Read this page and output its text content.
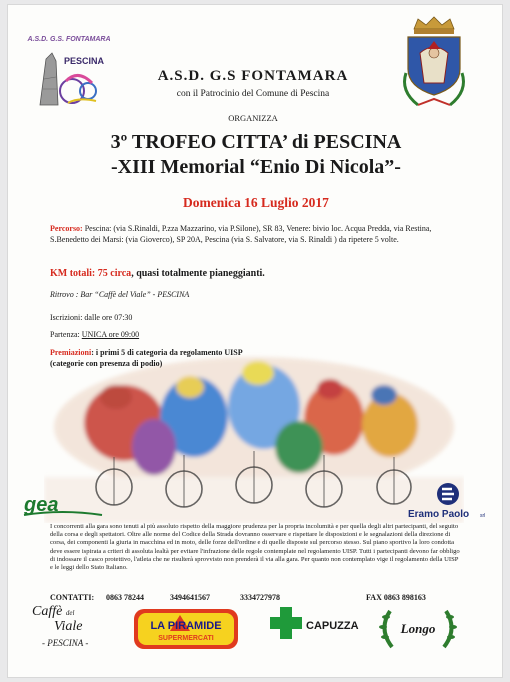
A.S.D. G.S. FONTAMARA
PESCINA
A.S.D. G.S FONTAMARA
con il Patrocinio del Comune di Pescina
ORGANIZZA
3º TROFEO CITTA’ di PESCINA
-XIII Memorial “Enio Di Nicola”-
Domenica 16 Luglio 2017
Percorso: Pescina: (via S.Rinaldi, P.zza Mazzarino, via P.Silone), SR 83, Venere: bivio loc. Acqua Predda, via Restina, S.Benedetto dei Marsi: (via Gioverco), SP 20A, Pescina (via S. Salvatore, via S. Rinaldi ) da ripetere 5 volte.
KM totali: 75 circa, quasi totalmente pianeggianti.
Ritrovo : Bar “Caffè del Viale” - PESCINA
Iscrizioni: dalle ore 07:30
Partenza: UNICA ore 09:00
Premiazioni: i primi 5 di categoria da regolamento UISP
(categorie con presenza di podio)
gea	Eramo Paolo srl
I concorrenti alla gara sono tenuti al più assoluto rispetto della maggiore prudenza per la propria incolumità e per quella degli altri partecipanti, del seguito della corsa e degli spettatori. Oltre alle norme del Codice della Strada dovranno osservare e rispettare le disposizioni e le segnalazioni della direzione di corsa, dei componenti la giuria in macchina ed in moto, delle forze dell'ordine e di quelle disposte sul percorso stesso. Sul piano sportivo la loro condotta deve essere ispirata a criteri di assoluta lealtà per evitare l'infrazione delle regole contemplate nel regolamento UISP. Tutti i partecipanti devono far obbligo di indossare il casco protettivo, l'atleta che ne risulterà sprovvisto non prenderà il via alla gara. Per quanto non contemplato vige il regolamento della UISP e le leggi dello Stato Italiano.
CONTATTI: 0863 78244	3494641567	3334727978	FAX 0863 898163
Caffè del
Viale
- PESCINA -
LA PIRAMIDE
SUPERMERCATI
CAPUZZA	Longo
